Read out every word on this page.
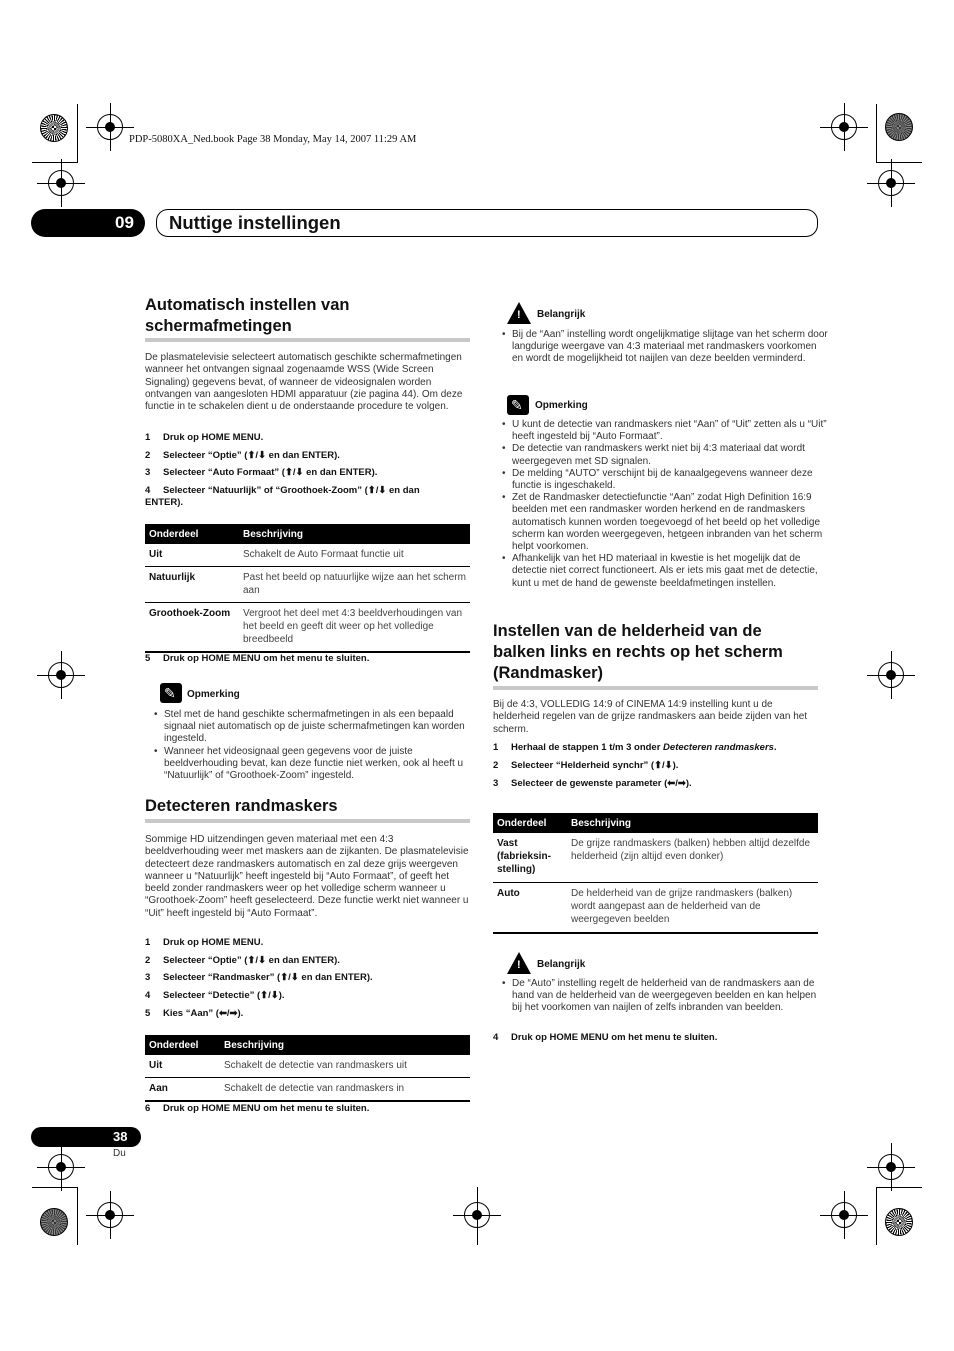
PDP-5080XA_Ned.book Page 38 Monday, May 14, 2007 11:29 AM
09	Nuttige instellingen
Automatisch instellen van schermafmetingen
De plasmatelevisie selecteert automatisch geschikte schermafmetingen wanneer het ontvangen signaal zogenaamde WSS (Wide Screen Signaling) gegevens bevat, of wanneer de videosignalen worden ontvangen van aangesloten HDMI apparatuur (zie pagina 44). Om deze functie in te schakelen dient u de onderstaande procedure te volgen.
1 Druk op HOME MENU.
2 Selecteer “Optie” (⬆/⬇ en dan ENTER).
3 Selecteer “Auto Formaat” (⬆/⬇ en dan ENTER).
4 Selecteer “Natuurlijk” of “Groothoek-Zoom” (⬆/⬇ en dan ENTER).
Onderdeel	Beschrijving
Uit	Schakelt de Auto Formaat functie uit
Natuurlijk	Past het beeld op natuurlijke wijze aan het scherm aan
Groothoek-Zoom	Vergroot het deel met 4:3 beeldverhoudingen van het beeld en geeft dit weer op het volledige breedbeeld
5 Druk op HOME MENU om het menu te sluiten.
✎
Opmerking
• Stel met de hand geschikte schermafmetingen in als een bepaald signaal niet automatisch op de juiste schermafmetingen kan worden ingesteld.
• Wanneer het videosignaal geen gegevens voor de juiste beeldverhouding bevat, kan deze functie niet werken, ook al heeft u “Natuurlijk” of “Groothoek-Zoom” ingesteld.
Detecteren randmaskers
Sommige HD uitzendingen geven materiaal met een 4:3 beeldverhouding weer met maskers aan de zijkanten. De plasmatelevisie detecteert deze randmaskers automatisch en zal deze grijs weergeven wanneer u “Natuurlijk” heeft ingesteld bij “Auto Formaat”, of geeft het beeld zonder randmaskers weer op het volledige scherm wanneer u “Groothoek-Zoom” heeft geselecteerd. Deze functie werkt niet wanneer u “Uit” heeft ingesteld bij “Auto Formaat”.
1 Druk op HOME MENU.
2 Selecteer “Optie” (⬆/⬇ en dan ENTER).
3 Selecteer “Randmasker” (⬆/⬇ en dan ENTER).
4 Selecteer “Detectie” (⬆/⬇).
5 Kies “Aan” (⬅/➡).
Onderdeel	Beschrijving
Uit	Schakelt de detectie van randmaskers uit
Aan	Schakelt de detectie van randmaskers in
6 Druk op HOME MENU om het menu te sluiten.
!
Belangrijk
• Bij de “Aan” instelling wordt ongelijkmatige slijtage van het scherm door langdurige weergave van 4:3 materiaal met randmaskers voorkomen en wordt de mogelijkheid tot naijlen van deze beelden verminderd.
✎
Opmerking
• U kunt de detectie van randmaskers niet “Aan” of “Uit” zetten als u “Uit” heeft ingesteld bij “Auto Formaat”.
• De detectie van randmaskers werkt niet bij 4:3 materiaal dat wordt weergegeven met SD signalen.
• De melding “AUTO” verschijnt bij de kanaalgegevens wanneer deze functie is ingeschakeld.
• Zet de Randmasker detectiefunctie “Aan” zodat High Definition 16:9 beelden met een randmasker worden herkend en de randmaskers automatisch kunnen worden toegevoegd of het beeld op het volledige scherm kan worden weergegeven, hetgeen inbranden van het scherm helpt voorkomen.
• Afhankelijk van het HD materiaal in kwestie is het mogelijk dat de detectie niet correct functioneert. Als er iets mis gaat met de detectie, kunt u met de hand de gewenste beeldafmetingen instellen.
Instellen van de helderheid van de balken links en rechts op het scherm (Randmasker)
Bij de 4:3, VOLLEDIG 14:9 of CINEMA 14:9 instelling kunt u de helderheid regelen van de grijze randmaskers aan beide zijden van het scherm.
1 Herhaal de stappen 1 t/m 3 onder Detecteren randmaskers.
2 Selecteer “Helderheid synchr” (⬆/⬇).
3 Selecteer de gewenste parameter (⬅/➡).
Onderdeel	Beschrijving
Vast (fabrieksin-stelling)	De grijze randmaskers (balken) hebben altijd dezelfde helderheid (zijn altijd even donker)
Auto	De helderheid van de grijze randmaskers (balken) wordt aangepast aan de helderheid van de weergegeven beelden
!
Belangrijk
• De “Auto” instelling regelt de helderheid van de randmaskers aan de hand van de helderheid van de weergegeven beelden en kan helpen bij het voorkomen van naijlen of zelfs inbranden van beelden.
4 Druk op HOME MENU om het menu te sluiten.
38
Du
